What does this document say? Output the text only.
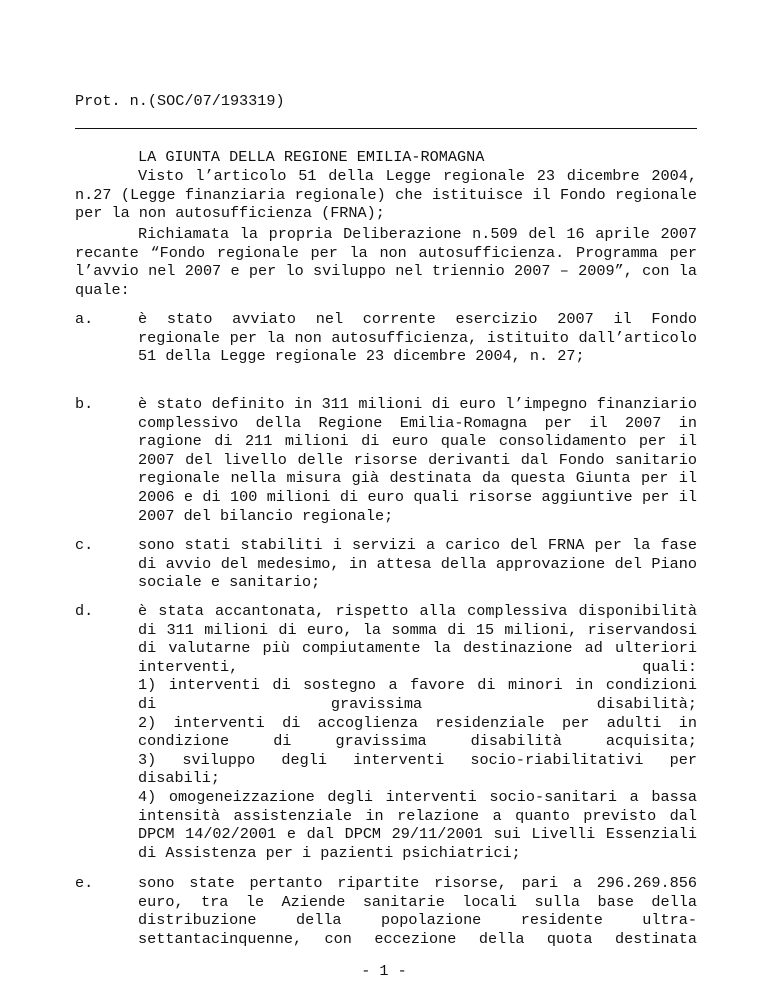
Prot. n.(SOC/07/193319)
LA GIUNTA DELLA REGIONE EMILIA-ROMAGNA

Visto l’articolo 51 della Legge regionale 23 dicembre 2004, n.27 (Legge finanziaria regionale) che istituisce il Fondo regionale per la non autosufficienza (FRNA);

Richiamata la propria Deliberazione n.509 del 16 aprile 2007 recante “Fondo regionale per la non autosufficienza. Programma per l’avvio nel 2007 e per lo sviluppo nel triennio 2007 – 2009”, con la quale:

a.	è stato avviato nel corrente esercizio 2007 il Fondo regionale per la non autosufficienza, istituito dall’articolo 51 della Legge regionale 23 dicembre 2004, n. 27;
b.	è stato definito in 311 milioni di euro l’impegno finanziario complessivo della Regione Emilia-Romagna per il 2007 in ragione di 211 milioni di euro quale consolidamento per il 2007 del livello delle risorse derivanti dal Fondo sanitario regionale nella misura già destinata da questa Giunta per il 2006 e di 100 milioni di euro quali risorse aggiuntive per il 2007 del bilancio regionale;
c.	sono stati stabiliti i servizi a carico del FRNA per la fase di avvio del medesimo, in attesa della approvazione del Piano sociale e sanitario;
d.	è stata accantonata, rispetto alla complessiva disponibilità
di 311 milioni di euro, la somma di 15 milioni, riservandosi
di valutarne più compiutamente la destinazione ad ulteriori
interventi, quali:
1) interventi di sostegno a favore di minori in condizioni
di gravissima disabilità;
2) interventi di accoglienza residenziale per adulti in
condizione di gravissima disabilità acquisita;
3) sviluppo degli interventi socio-riabilitativi per
disabili;
4) omogeneizzazione degli interventi socio-sanitari a bassa
intensità assistenziale in relazione a quanto previsto dal
DPCM 14/02/2001 e dal DPCM 29/11/2001 sui Livelli Essenziali
di Assistenza per i pazienti psichiatrici;
e.	sono state pertanto ripartite risorse, pari a 296.269.856
euro, tra le Aziende sanitarie locali sulla base della
distribuzione della popolazione residente ultra-
settantacinquenne, con eccezione della quota destinata
- 1 -
